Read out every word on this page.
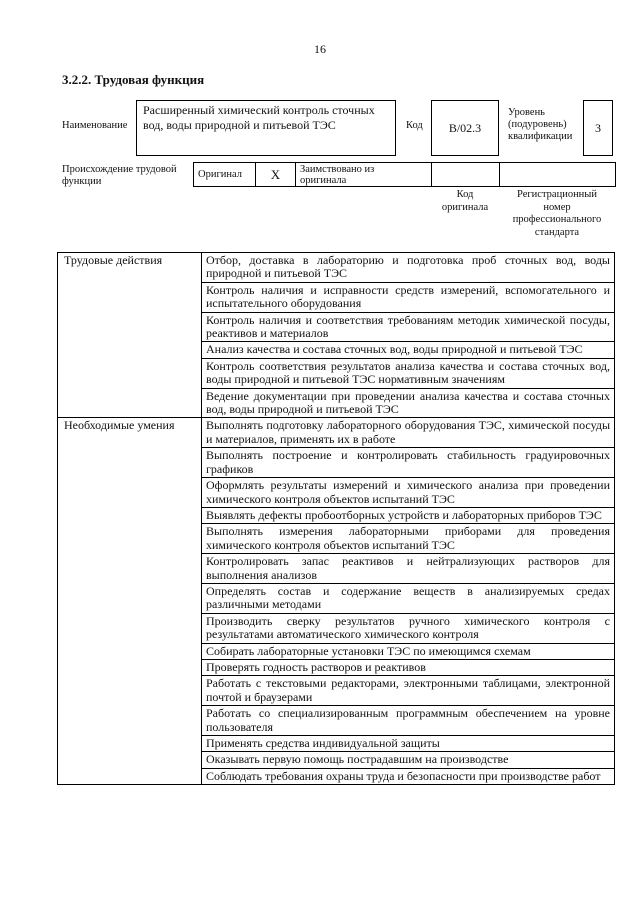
16
3.2.2. Трудовая функция
Наименование
Расширенный химический контроль сточных вод, воды природной и питьевой ТЭС	Код В/02.3
Уровень
(подуровень)
квалификации
3
Происхождение трудовой
функции
Оригинал	X	Заимствовано из
оригинала

Код
оригинала
Регистрационный
номер
профессионального
стандарта
Трудовые действия	Отбор, доставка в лабораторию и подготовка проб сточных вод, воды природной и питьевой ТЭС
	Контроль наличия и исправности средств измерений, вспомогательного и испытательного оборудования
	Контроль наличия и соответствия требованиям методик химической посуды, реактивов и материалов
	Анализ качества и состава сточных вод, воды природной и питьевой ТЭС
	Контроль соответствия результатов анализа качества и состава сточных вод, воды природной и питьевой ТЭС нормативным значениям
	Ведение документации при проведении анализа качества и состава сточных вод, воды природной и питьевой ТЭС
Необходимые умения	Выполнять подготовку лабораторного оборудования ТЭС, химической посуды и материалов, применять их в работе
	Выполнять построение и контролировать стабильность градуировочных графиков
	Оформлять результаты измерений и химического анализа при проведении химического контроля объектов испытаний ТЭС
	Выявлять дефекты пробоотборных устройств и лабораторных приборов ТЭС
	Выполнять измерения лабораторными приборами для проведения химического контроля объектов испытаний ТЭС
	Контролировать запас реактивов и нейтрализующих растворов для выполнения анализов
	Определять состав и содержание веществ в анализируемых средах различными методами
	Производить сверку результатов ручного химического контроля с результатами автоматического химического контроля
	Собирать лабораторные установки ТЭС по имеющимся схемам
	Проверять годность растворов и реактивов
	Работать с текстовыми редакторами, электронными таблицами, электронной почтой и браузерами
	Работать со специализированным программным обеспечением на уровне пользователя
	Применять средства индивидуальной защиты
	Оказывать первую помощь пострадавшим на производстве
	Соблюдать требования охраны труда и безопасности при производстве работ
